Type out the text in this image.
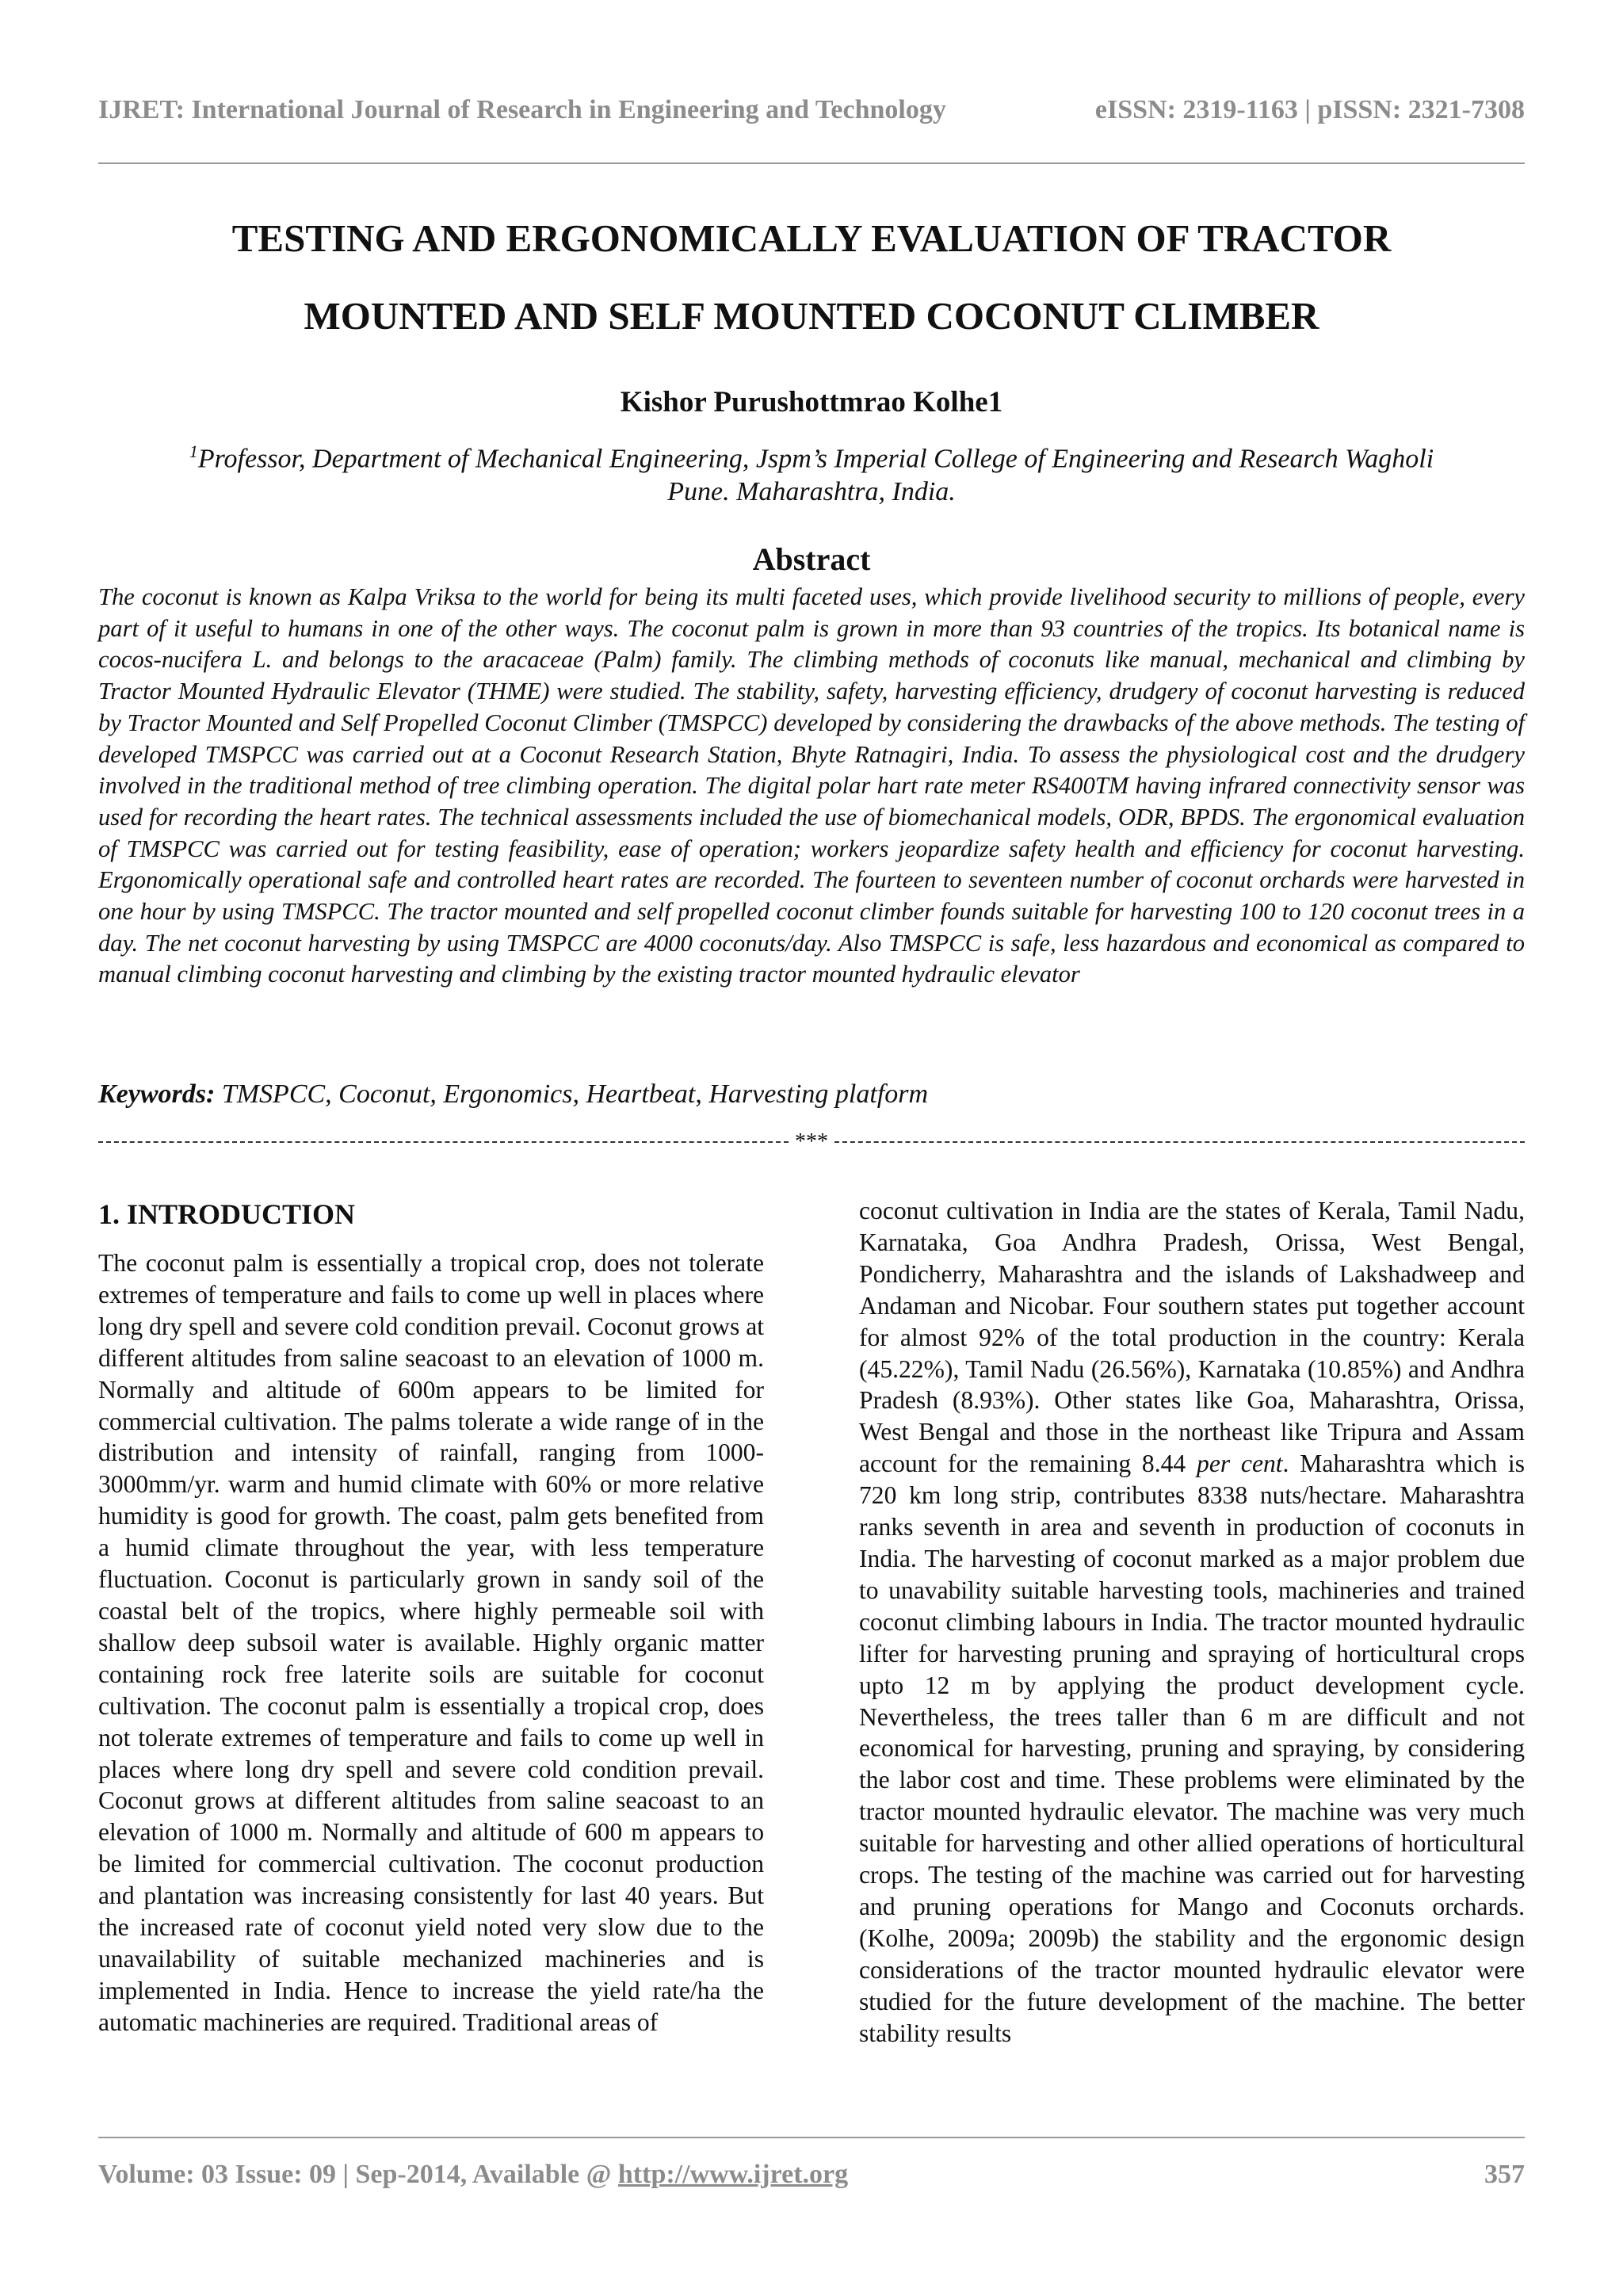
IJRET: International Journal of Research in Engineering and Technology	eISSN: 2319-1163 | pISSN: 2321-7308
TESTING AND ERGONOMICALLY EVALUATION OF TRACTOR
MOUNTED AND SELF MOUNTED COCONUT CLIMBER
Kishor Purushottmrao Kolhe1
$^1$Professor, Department of Mechanical Engineering, Jspm’s Imperial College of Engineering and Research Wagholi
Pune. Maharashtra, India.
Abstract
The coconut is known as Kalpa Vriksa to the world for being its multi faceted uses, which provide livelihood security to millions of people, every part of it useful to humans in one of the other ways. The coconut palm is grown in more than 93 countries of the tropics. Its botanical name is cocos-nucifera L. and belongs to the aracaceae (Palm) family. The climbing methods of coconuts like manual, mechanical and climbing by Tractor Mounted Hydraulic Elevator (THME) were studied. The stability, safety, harvesting efficiency, drudgery of coconut harvesting is reduced by Tractor Mounted and Self Propelled Coconut Climber (TMSPCC) developed by considering the drawbacks of the above methods. The testing of developed TMSPCC was carried out at a Coconut Research Station, Bhyte Ratnagiri, India. To assess the physiological cost and the drudgery involved in the traditional method of tree climbing operation. The digital polar hart rate meter RS400TM having infrared connectivity sensor was used for recording the heart rates. The technical assessments included the use of biomechanical models, ODR, BPDS. The ergonomical evaluation of TMSPCC was carried out for testing feasibility, ease of operation; workers jeopardize safety health and efficiency for coconut harvesting. Ergonomically operational safe and controlled heart rates are recorded. The fourteen to seventeen number of coconut orchards were harvested in one hour by using TMSPCC. The tractor mounted and self propelled coconut climber founds suitable for harvesting 100 to 120 coconut trees in a day. The net coconut harvesting by using TMSPCC are 4000 coconuts/day. Also TMSPCC is safe, less hazardous and economical as compared to manual climbing coconut harvesting and climbing by the existing tractor mounted hydraulic elevator
Keywords: TMSPCC, Coconut, Ergonomics, Heartbeat, Harvesting platform
***
1. INTRODUCTION

The coconut palm is essentially a tropical crop, does not tolerate extremes of temperature and fails to come up well in places where long dry spell and severe cold condition prevail. Coconut grows at different altitudes from saline seacoast to an elevation of 1000 m. Normally and altitude of 600m appears to be limited for commercial cultivation. The palms tolerate a wide range of in the distribution and intensity of rainfall, ranging from 1000-3000mm/yr. warm and humid climate with 60% or more relative humidity is good for growth. The coast, palm gets benefited from a humid climate throughout the year, with less temperature fluctuation. Coconut is particularly grown in sandy soil of the coastal belt of the tropics, where highly permeable soil with shallow deep subsoil water is available. Highly organic matter containing rock free laterite soils are suitable for coconut cultivation. The coconut palm is essentially a tropical crop, does not tolerate extremes of temperature and fails to come up well in places where long dry spell and severe cold condition prevail. Coconut grows at different altitudes from saline seacoast to an elevation of 1000 m. Normally and altitude of 600 m appears to be limited for commercial cultivation. The coconut production and plantation was increasing consistently for last 40 years. But the increased rate of coconut yield noted very slow due to the unavailability of suitable mechanized machineries and is implemented in India. Hence to increase the yield rate/ha the automatic machineries are required. Traditional areas of

coconut cultivation in India are the states of Kerala, Tamil Nadu, Karnataka, Goa Andhra Pradesh, Orissa, West Bengal, Pondicherry, Maharashtra and the islands of Lakshadweep and Andaman and Nicobar. Four southern states put together account for almost 92% of the total production in the country: Kerala (45.22%), Tamil Nadu (26.56%), Karnataka (10.85%) and Andhra Pradesh (8.93%). Other states like Goa, Maharashtra, Orissa, West Bengal and those in the northeast like Tripura and Assam account for the remaining 8.44 per cent. Maharashtra which is 720 km long strip, contributes 8338 nuts/hectare. Maharashtra ranks seventh in area and seventh in production of coconuts in India. The harvesting of coconut marked as a major problem due to unavability suitable harvesting tools, machineries and trained coconut climbing labours in India. The tractor mounted hydraulic lifter for harvesting pruning and spraying of horticultural crops upto 12 m by applying the product development cycle. Nevertheless, the trees taller than 6 m are difficult and not economical for harvesting, pruning and spraying, by considering the labor cost and time. These problems were eliminated by the tractor mounted hydraulic elevator. The machine was very much suitable for harvesting and other allied operations of horticultural crops. The testing of the machine was carried out for harvesting and pruning operations for Mango and Coconuts orchards. (Kolhe, 2009a; 2009b) the stability and the ergonomic design considerations of the tractor mounted hydraulic elevator were studied for the future development of the machine. The better stability results

Volume: 03 Issue: 09 | Sep-2014, Available @ http://www.ijret.org	357
